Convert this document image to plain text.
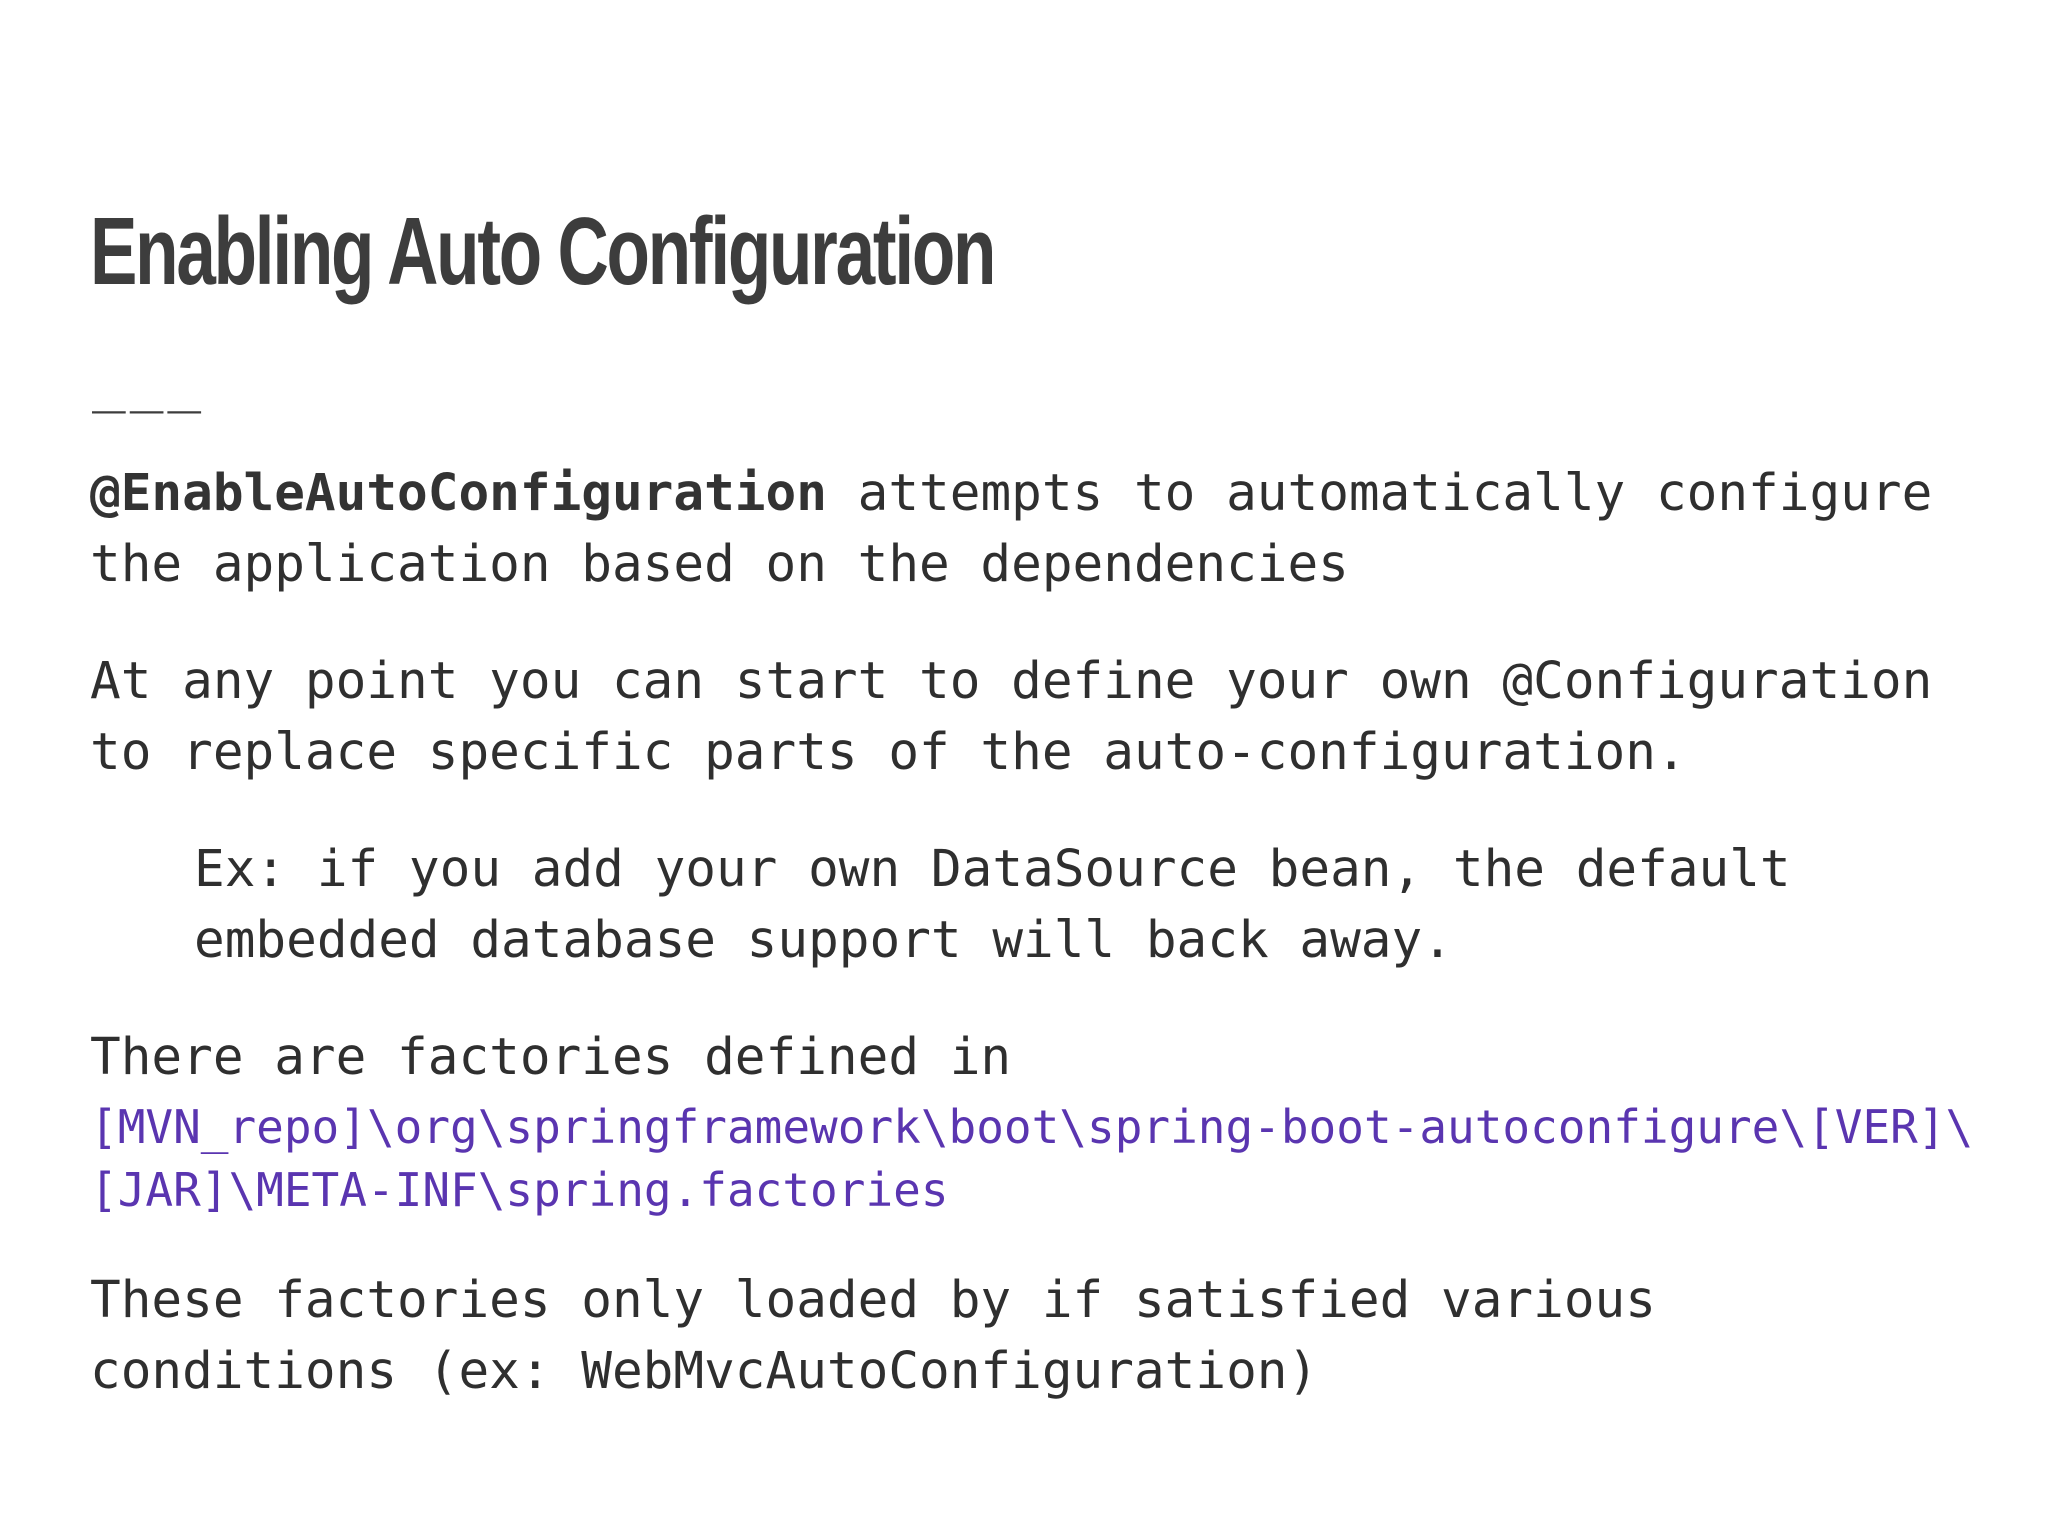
Enabling Auto Configuration
___

@EnableAutoConfiguration attempts to automatically configure

the application based on the dependencies

At any point you can start to define your own @Configuration

to replace specific parts of the auto-configuration.

Ex: if you add your own DataSource bean, the default

embedded database support will back away.

There are factories defined in

[MVN_repo]\org\springframework\boot\spring-boot-autoconfigure\[VER]\

[JAR]\META-INF\spring.factories

These factories only loaded by if satisfied various

conditions (ex: WebMvcAutoConfiguration)
